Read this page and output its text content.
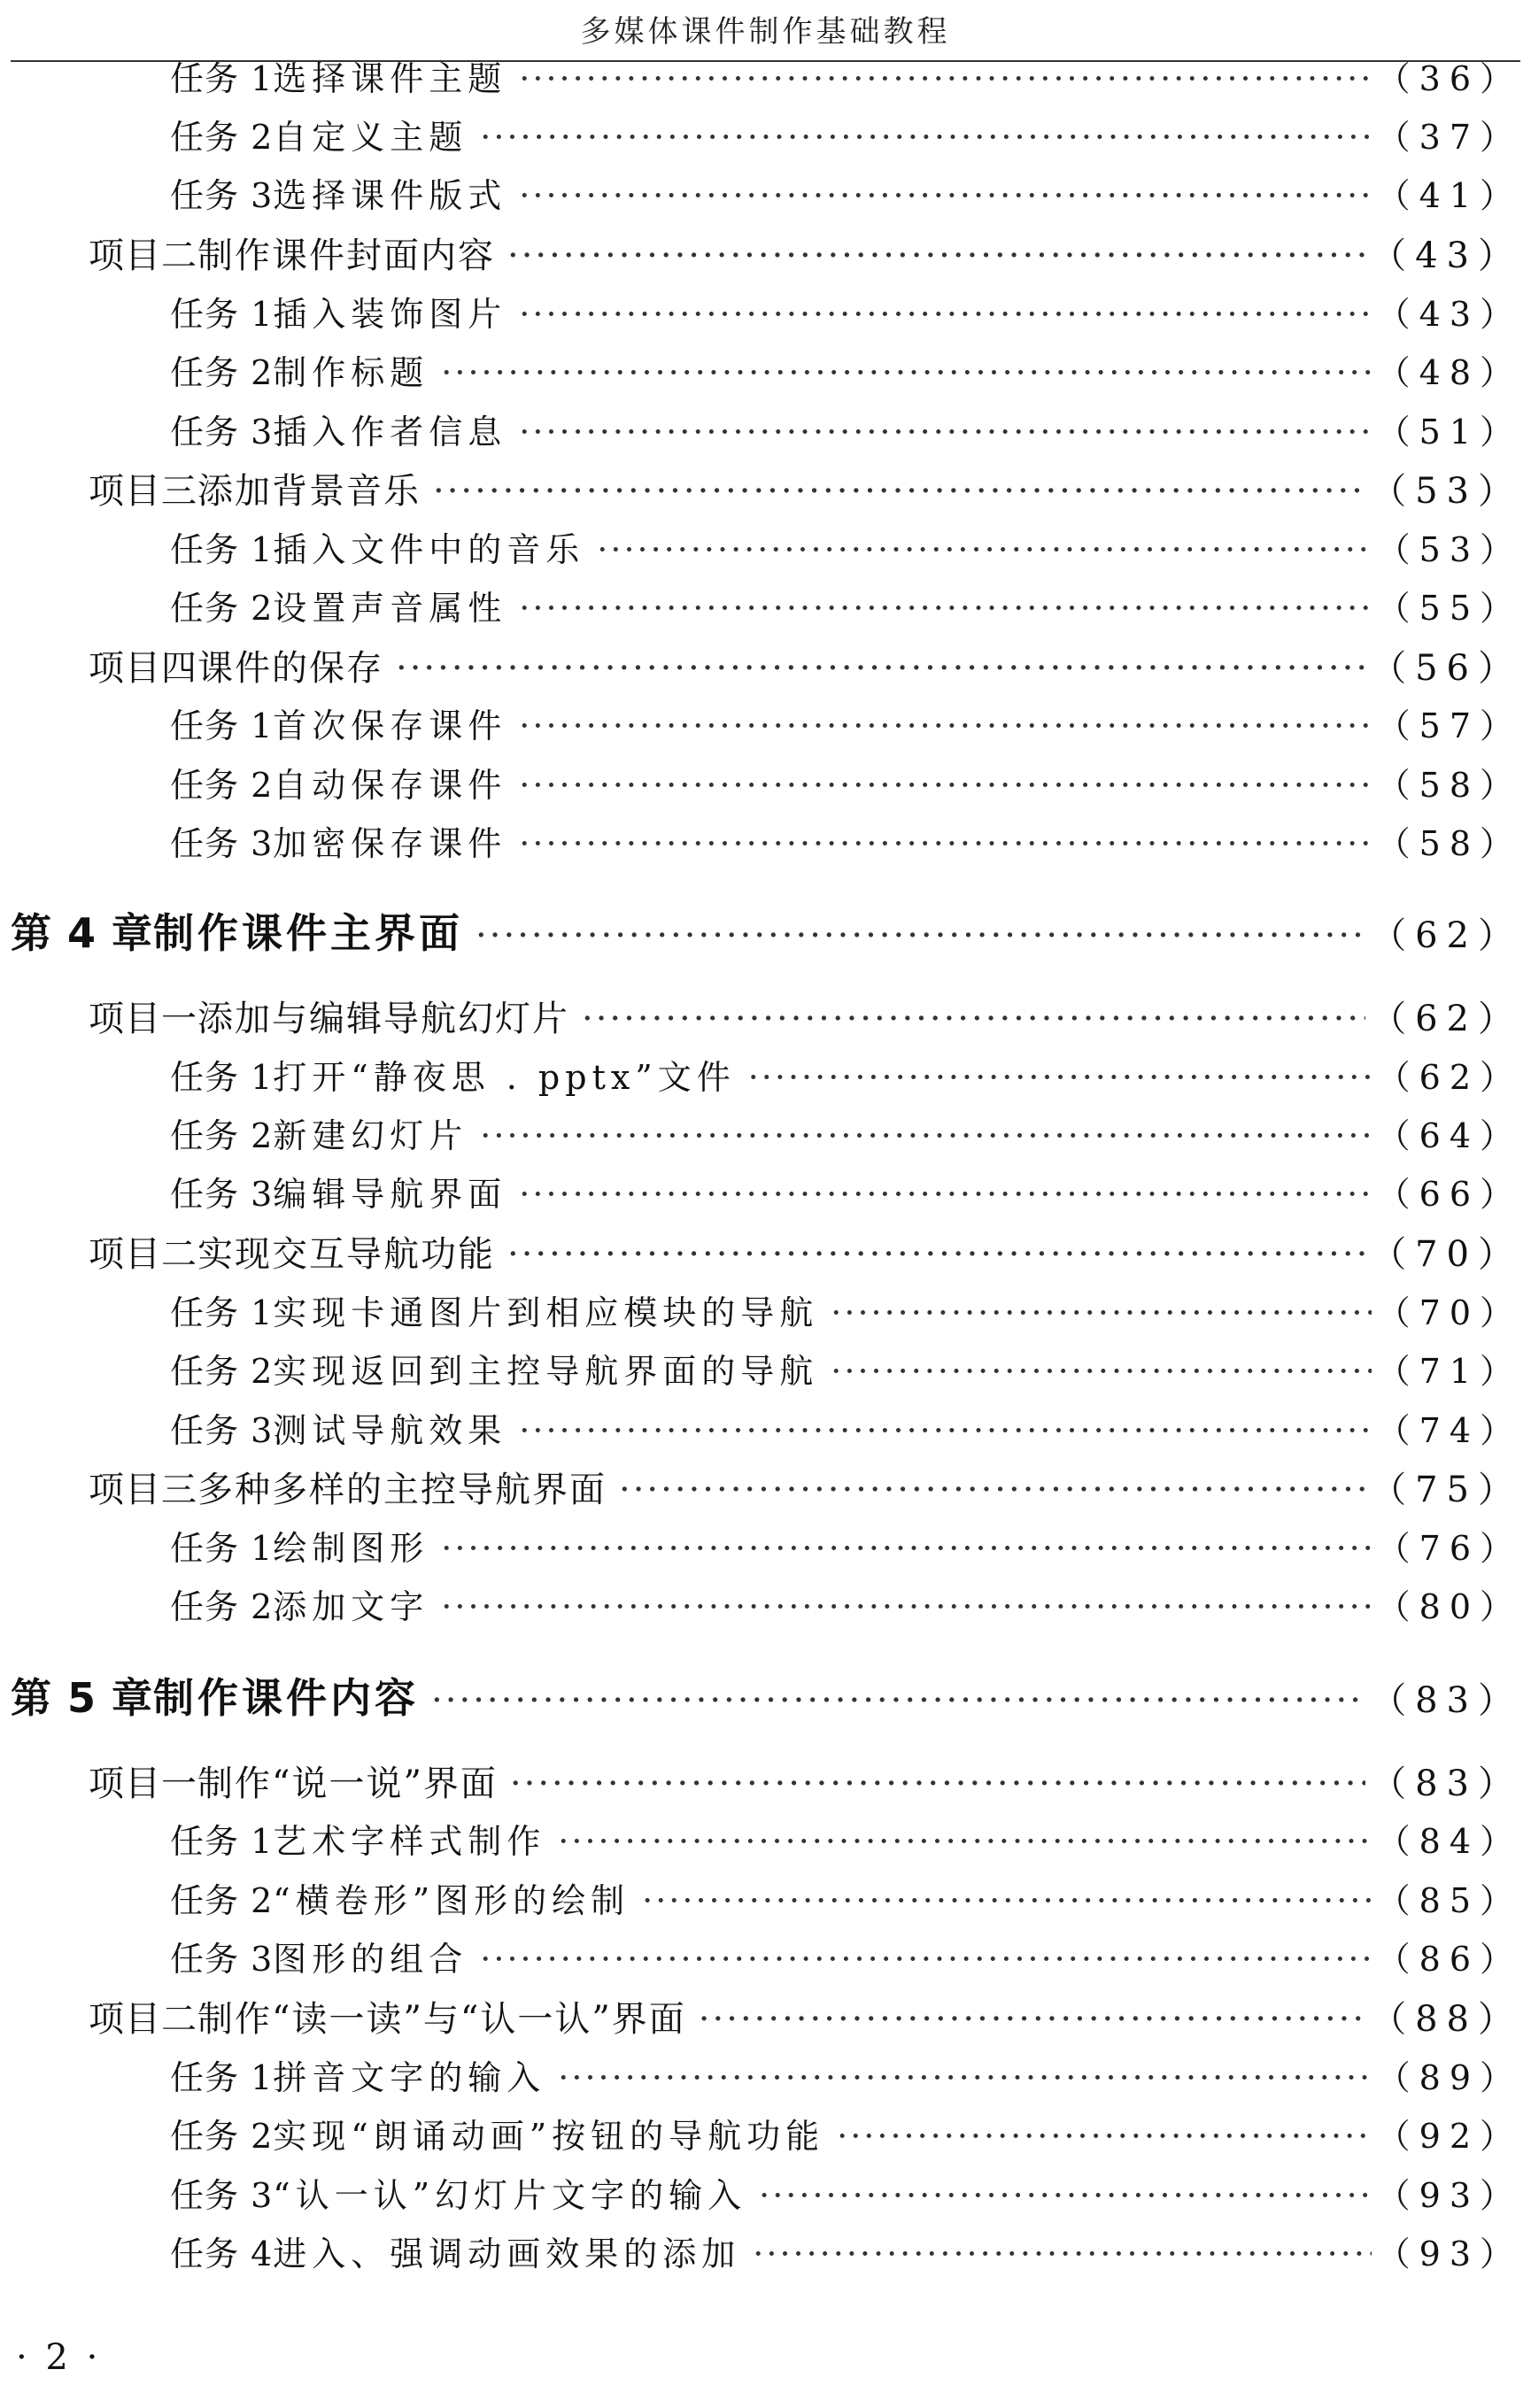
多媒体课件制作基础教程
任务 1 选择课件主题 ·····	（36）
任务 2 自定义主题 ·····	（37）
任务 3 选择课件版式 ·····	（41）
项目二 制作课件封面内容 ·····	（43）
任务 1 插入装饰图片 ·····	（43）
任务 2 制作标题 ·····	（48）
任务 3 插入作者信息 ·····	（51）
项目三 添加背景音乐 ·····	（53）
任务 1 插入文件中的音乐 ·····	（53）
任务 2 设置声音属性 ·····	（55）
项目四 课件的保存 ·····	（56）
任务 1 首次保存课件 ·····	（57）
任务 2 自动保存课件 ·····	（58）
任务 3 加密保存课件 ·····	（58）
第 4 章 制作课件主界面 ·····	（62）
项目一 添加与编辑导航幻灯片 ·····	（62）
任务 1 打开“静夜思 . pptx”文件 ·····	（62）
任务 2 新建幻灯片 ·····	（64）
任务 3 编辑导航界面 ·····	（66）
项目二 实现交互导航功能 ·····	（70）
任务 1 实现卡通图片到相应模块的导航 ·····	（70）
任务 2 实现返回到主控导航界面的导航 ·····	（71）
任务 3 测试导航效果 ·····	（74）
项目三 多种多样的主控导航界面 ·····	（75）
任务 1 绘制图形 ·····	（76）
任务 2 添加文字 ·····	（80）
第 5 章 制作课件内容 ·····	（83）
项目一 制作“说一说”界面 ·····	（83）
任务 1 艺术字样式制作 ·····	（84）
任务 2 “横卷形”图形的绘制 ·····	（85）
任务 3 图形的组合 ·····	（86）
项目二 制作“读一读”与“认一认”界面 ·····	（88）
任务 1 拼音文字的输入 ·····	（89）
任务 2 实现“朗诵动画”按钮的导航功能 ·····	（92）
任务 3 “认一认”幻灯片文字的输入 ·····	（93）
任务 4 进入、强调动画效果的添加 ·····	（93）
· 2 ·
